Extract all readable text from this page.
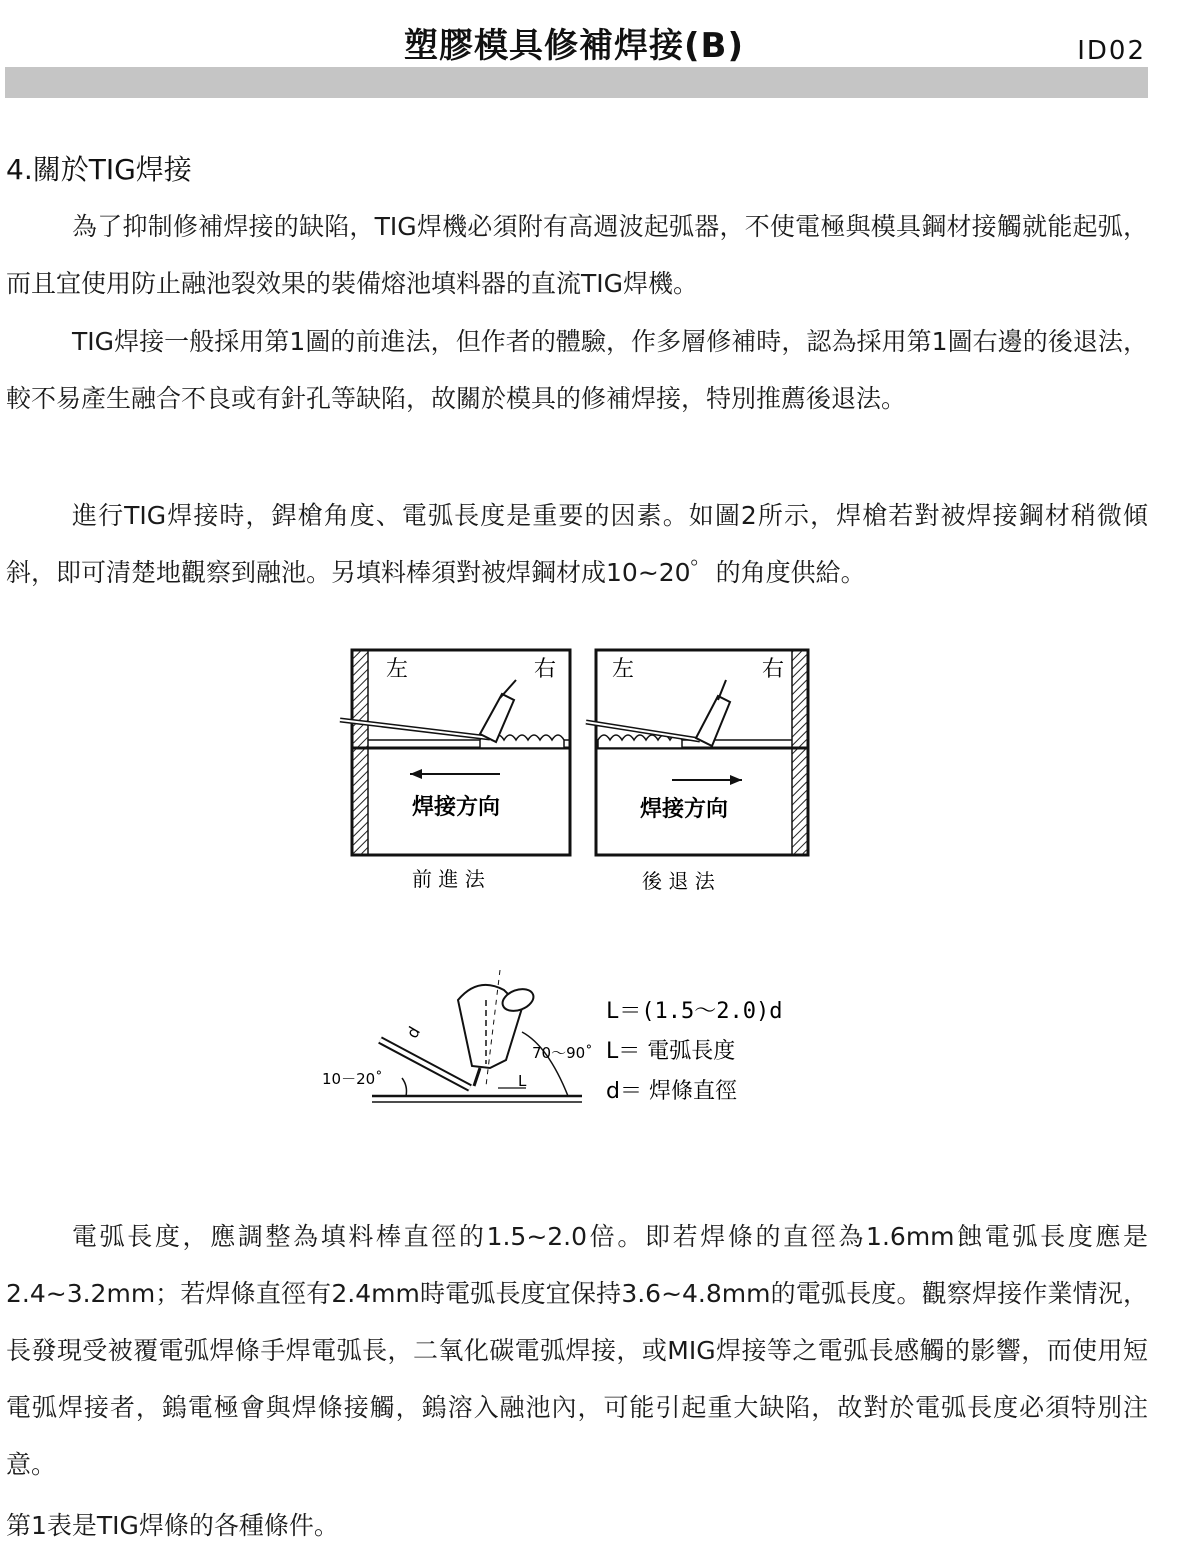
塑膠模具修補焊接(B)	ID02
4.關於TIG焊接

為了抑制修補焊接的缺陷，TIG焊機必須附有高週波起弧器，不使電極與模具鋼材接觸就能起弧，而且宜使用防止融池裂效果的裝備熔池填料器的直流TIG焊機。

TIG焊接一般採用第1圖的前進法，但作者的體驗，作多層修補時，認為採用第1圖右邊的後退法，較不易產生融合不良或有針孔等缺陷，故關於模具的修補焊接，特別推薦後退法。

進行TIG焊接時，銲槍角度、電弧長度是重要的因素。如圖2所示，焊槍若對被焊接鋼材稍微傾斜，即可清楚地觀察到融池。另填料棒須對被焊鋼材成10~20゜的角度供給。

左	右
焊接方向
前 進 法
左	右
焊接方向
後 退 法
10－20˚
70～90˚
d
L
L＝(1.5～2.0)d
L＝ 電弧長度
d＝ 焊條直徑

電弧長度，應調整為填料棒直徑的1.5~2.0倍。即若焊條的直徑為1.6mm蝕電弧長度應是2.4~3.2mm；若焊條直徑有2.4mm時電弧長度宜保持3.6~4.8mm的電弧長度。觀察焊接作業情況，長發現受被覆電弧焊條手焊電弧長，二氧化碳電弧焊接，或MIG焊接等之電弧長感觸的影響，而使用短電弧焊接者，鎢電極會與焊條接觸，鎢溶入融池內，可能引起重大缺陷，故對於電弧長度必須特別注意。

第1表是TIG焊條的各種條件。
